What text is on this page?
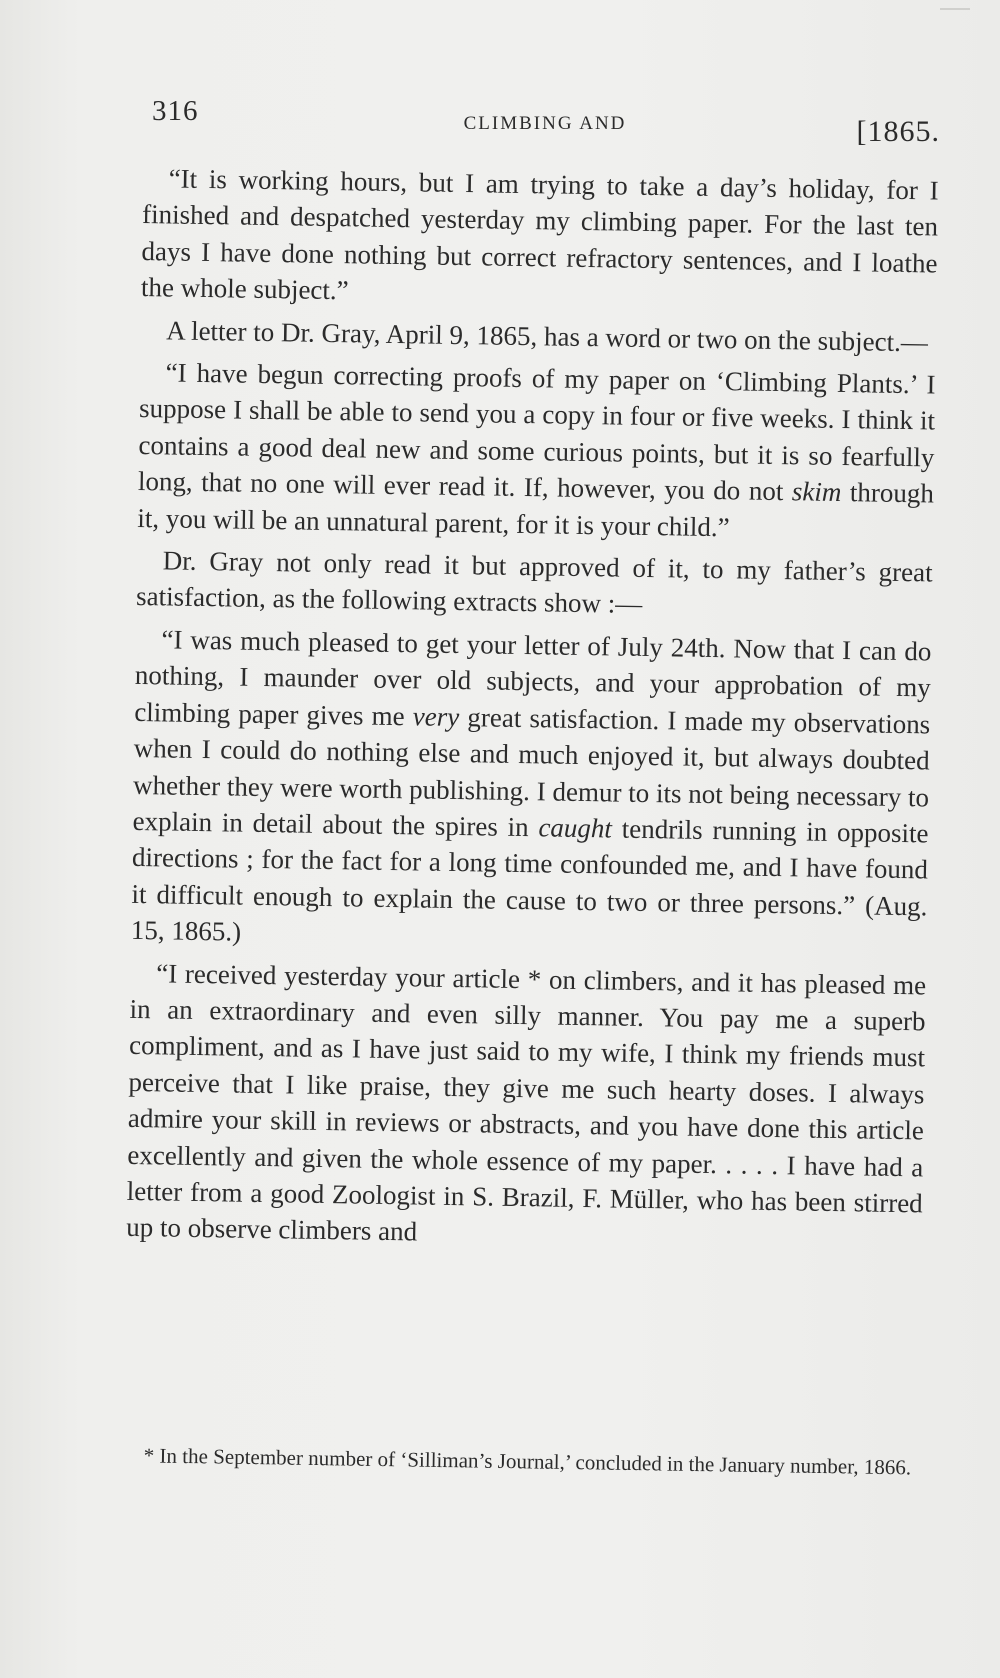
316	CLIMBING AND	[1865.

“It is working hours, but I am trying to take a day’s holiday, for I finished and despatched yesterday my climbing paper. For the last ten days I have done nothing but correct refractory sentences, and I loathe the whole subject.”

A letter to Dr. Gray, April 9, 1865, has a word or two on the subject.—

“I have begun correcting proofs of my paper on ‘Climbing Plants.’ I suppose I shall be able to send you a copy in four or five weeks. I think it contains a good deal new and some curious points, but it is so fearfully long, that no one will ever read it. If, however, you do not skim through it, you will be an unnatural parent, for it is your child.”

Dr. Gray not only read it but approved of it, to my father’s great satisfaction, as the following extracts show :—

“I was much pleased to get your letter of July 24th. Now that I can do nothing, I maunder over old subjects, and your approbation of my climbing paper gives me very great satisfaction. I made my observations when I could do nothing else and much enjoyed it, but always doubted whether they were worth publishing. I demur to its not being necessary to explain in detail about the spires in caught tendrils running in opposite directions ; for the fact for a long time confounded me, and I have found it difficult enough to explain the cause to two or three persons.” (Aug. 15, 1865.)

“I received yesterday your article * on climbers, and it has pleased me in an extraordinary and even silly manner. You pay me a superb compliment, and as I have just said to my wife, I think my friends must perceive that I like praise, they give me such hearty doses. I always admire your skill in reviews or abstracts, and you have done this article excellently and given the whole essence of my paper. . . . . I have had a letter from a good Zoologist in S. Brazil, F. Müller, who has been stirred up to observe climbers and

* In the September number of ‘Silliman’s Journal,’ concluded in the January number, 1866.
